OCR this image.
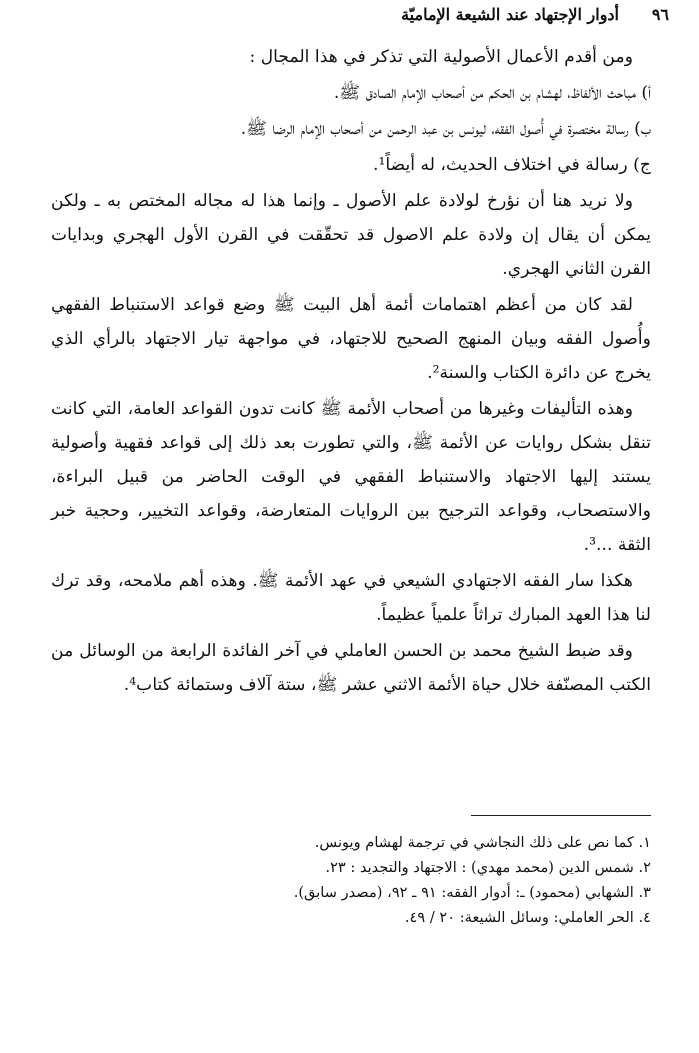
٩٦
أدوار الإجتهاد عند الشيعة الإماميّة

ومن أقدم الأعمال الأصولية التي تذكر في هذا المجال :

أ) مباحث الألفاظ، لهشام بن الحكم من أصحاب الإمام الصادق ﷺ.

ب) رسالة مختصرة في أُصول الفقه، ليونس بن عبد الرحمن من أصحاب الإمام الرضا ﷺ.

ج) رسالة في اختلاف الحديث، له أيضاً¹.

ولا نريد هنا أن نؤرخ لولادة علم الأصول ـ وإنما هذا له مجاله المختص به ـ ولكن يمكن أن يقال إن ولادة علم الاصول قد تحقّقت في القرن الأول الهجري وبدايات القرن الثاني الهجري.

لقد كان من أعظم اهتمامات أئمة أهل البيت ﷺ وضع قواعد الاستنباط الفقهي وأُصول الفقه وبيان المنهج الصحيح للاجتهاد، في مواجهة تيار الاجتهاد بالرأي الذي يخرج عن دائرة الكتاب والسنة².

وهذه التأليفات وغيرها من أصحاب الأئمة ﷺ كانت تدون القواعد العامة، التي كانت تنقل بشكل روايات عن الأئمة ﷺ، والتي تطورت بعد ذلك إلى قواعد فقهية وأصولية يستند إليها الاجتهاد والاستنباط الفقهي في الوقت الحاضر من قبيل البراءة، والاستصحاب، وقواعد الترجيح بين الروايات المتعارضة، وقواعد التخيير، وحجية خبر الثقة ...³.

هكذا سار الفقه الاجتهادي الشيعي في عهد الأئمة ﷺ. وهذه أهم ملامحه، وقد ترك لنا هذا العهد المبارك تراثاً علمياً عظيماً.

وقد ضبط الشيخ محمد بن الحسن العاملي في آخر الفائدة الرابعة من الوسائل من الكتب المصنّفة خلال حياة الأئمة الاثني عشر ﷺ، ستة آلاف وستمائة كتاب⁴.

١. كما نص على ذلك النجاشي في ترجمة لهشام ويونس.

٢. شمس الدين (محمد مهدي) : الاجتهاد والتجديد : ٢٣.

٣. الشهابي (محمود) ـ: أدوار الفقه: ٩١ ـ ٩٢، (مصدر سابق).

٤. الحر العاملي: وسائل الشيعة: ٢٠ / ٤٩.
